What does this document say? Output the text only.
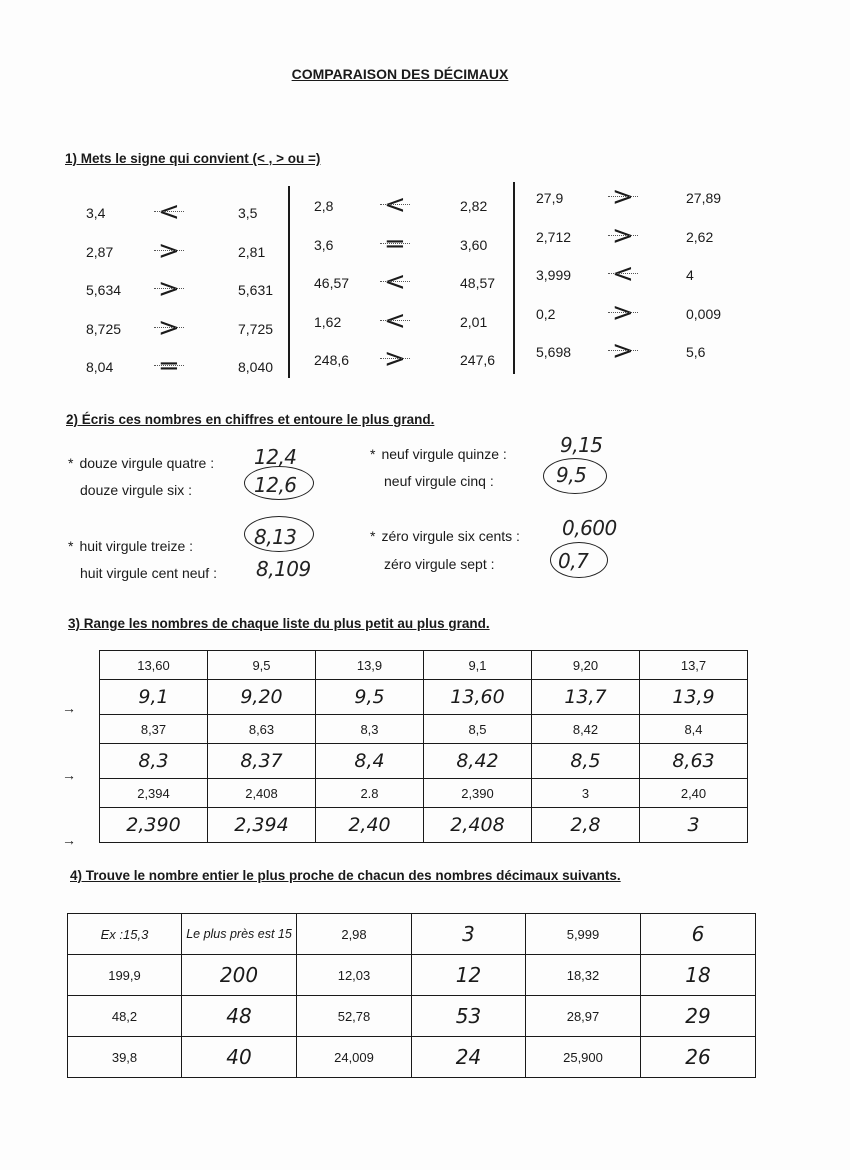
COMPARAISON DES DÉCIMAUX
1) Mets le signe qui convient (< , > ou =)
3,4 <	3,5
2,87 >	2,81
5,634 >	5,631
8,725 >	7,725
8,04 =	8,040
2,8 <	2,82
3,6 =	3,60
46,57 <	48,57
1,62 <	2,01
248,6 >	247,6
27,9 >	27,89
2,712 >	2,62
3,999 <	4
0,2 >	0,009
5,698 >	5,6
2) Écris ces nombres en chiffres et entoure le plus grand.
* douze virgule quatre : 12,4
douze virgule six :	12,6
* neuf virgule quinze :	9,15
neuf virgule cinq :	9,5
* huit virgule treize :	8,13
huit virgule cent neuf : 8,109
* zéro virgule six cents : 0,600
zéro virgule sept :	0,7
3) Range les nombres de chaque liste du plus petit au plus grand.
→
→
→
13,60	9,5	13,9	9,1	9,20	13,7
9,1	9,20	9,5	13,60	13,7	13,9
8,37	8,63	8,3	8,5	8,42	8,4
8,3	8,37	8,4	8,42	8,5	8,63
2,394	2,408	2.8	2,390	3	2,40
2,390	2,394	2,40	2,408	2,8	3
4) Trouve le nombre entier le plus proche de chacun des nombres décimaux suivants.
Ex :15,3	Le plus près est 15	2,98	3	5,999	6
199,9	200	12,03	12	18,32	18
48,2	48	52,78	53	28,97	29
39,8	40	24,009	24	25,900	26
